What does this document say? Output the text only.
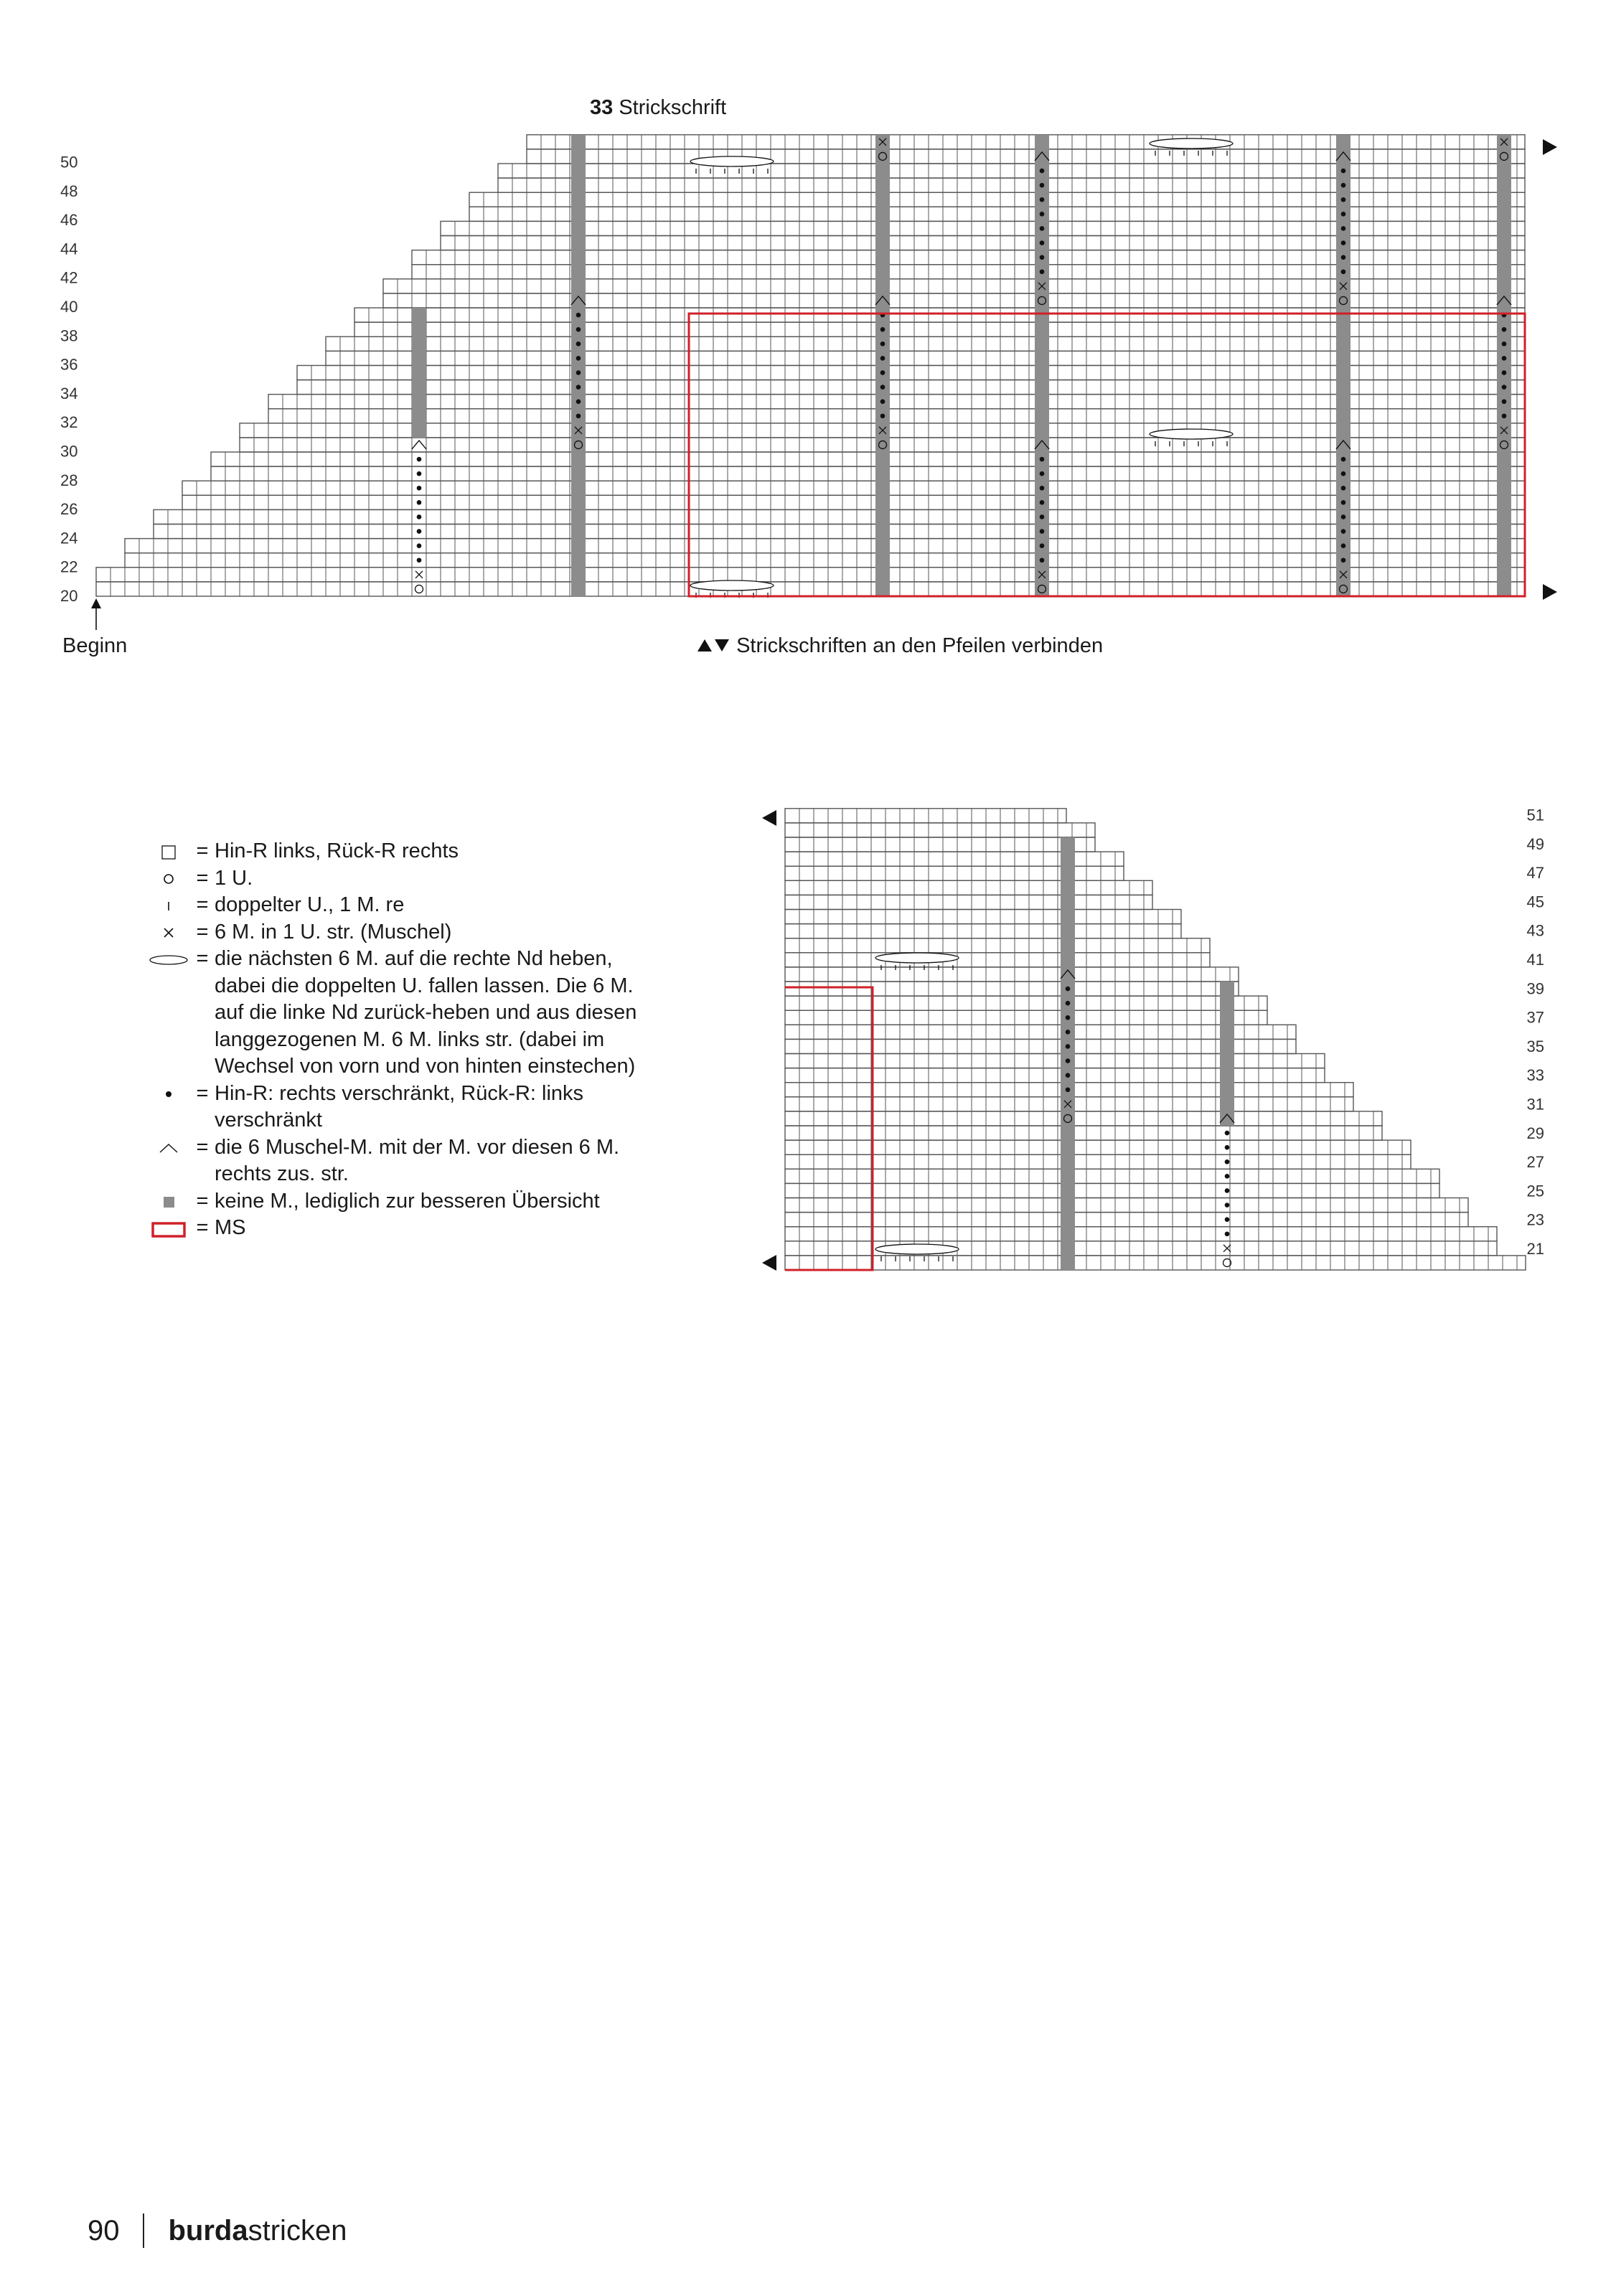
33 Strickschrift
20
22
24
26
28
30
32
34
36
38
40
42
44
46
48
50
21
23
25
27
29
31
33
35
37
39
41
43
45
47
49
51
Beginn	Strickschriften an den Pfeilen verbinden
= Hin-R links, Rück-R rechts
= 1 U.
= doppelter U., 1 M. re
= 6 M. in 1 U. str. (Muschel)
= die nächsten 6 M. auf die rechte Nd heben, dabei die doppelten U. fallen lassen. Die 6 M. auf die linke Nd zurück-heben und aus diesen langgezogenen M. 6 M. links str. (dabei im Wechsel von vorn und von hinten einstechen)
= Hin-R: rechts verschränkt, Rück-R: links verschränkt
= die 6 Muschel-M. mit der M. vor diesen 6 M. rechts zus. str.
= keine M., lediglich zur besseren Übersicht
= MS
90 burdastricken
